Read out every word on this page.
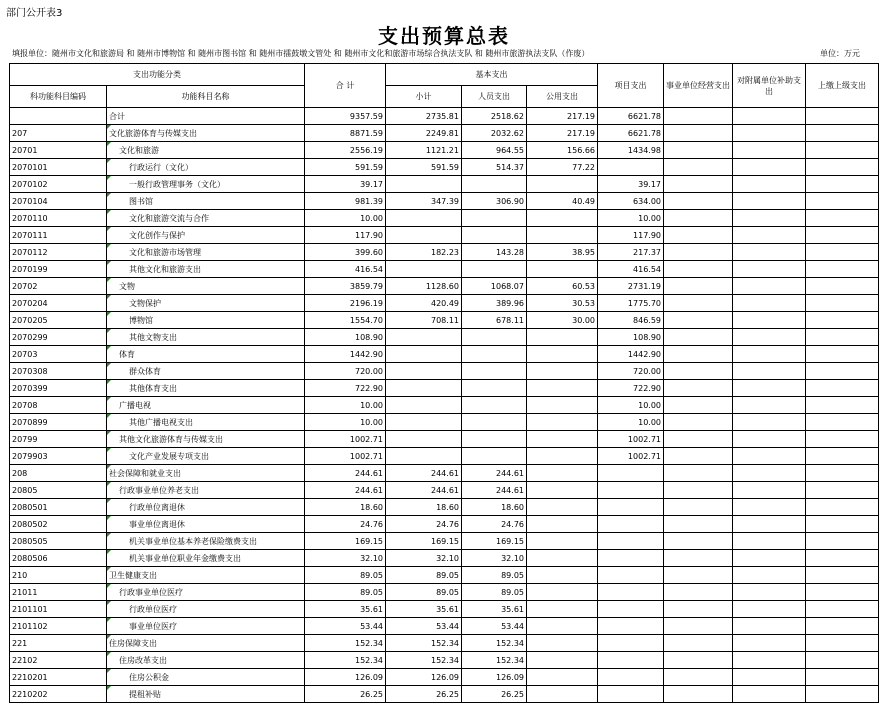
部门公开表3
支出预算总表
填报单位：随州市文化和旅游局 和 随州市博物馆 和 随州市图书馆 和 随州市擂鼓墩文管处 和 随州市文化和旅游市场综合执法支队 和 随州市旅游执法支队（作废）	单位：万元
支出功能分类		合 计	基本支出			项目支出	事业单位经营支出	对附属单位补助支出	上缴上级支出
科功能科目编码	功能科目名称		小计	人员支出	公用支出				
	合计	9357.59	2735.81	2518.62	217.19	6621.78			
207	文化旅游体育与传媒支出	8871.59	2249.81	2032.62	217.19	6621.78			
20701	文化和旅游	2556.19	1121.21	964.55	156.66	1434.98			
2070101	行政运行（文化）	591.59	591.59	514.37	77.22				
2070102	一般行政管理事务（文化）	39.17				39.17			
2070104	图书馆	981.39	347.39	306.90	40.49	634.00			
2070110	文化和旅游交流与合作	10.00				10.00			
2070111	文化创作与保护	117.90				117.90			
2070112	文化和旅游市场管理	399.60	182.23	143.28	38.95	217.37			
2070199	其他文化和旅游支出	416.54				416.54			
20702	文物	3859.79	1128.60	1068.07	60.53	2731.19			
2070204	文物保护	2196.19	420.49	389.96	30.53	1775.70			
2070205	博物馆	1554.70	708.11	678.11	30.00	846.59			
2070299	其他文物支出	108.90				108.90			
20703	体育	1442.90				1442.90			
2070308	群众体育	720.00				720.00			
2070399	其他体育支出	722.90				722.90			
20708	广播电视	10.00				10.00			
2070899	其他广播电视支出	10.00				10.00			
20799	其他文化旅游体育与传媒支出	1002.71				1002.71			
2079903	文化产业发展专项支出	1002.71				1002.71			
208	社会保障和就业支出	244.61	244.61	244.61					
20805	行政事业单位养老支出	244.61	244.61	244.61					
2080501	行政单位离退休	18.60	18.60	18.60					
2080502	事业单位离退休	24.76	24.76	24.76					
2080505	机关事业单位基本养老保险缴费支出	169.15	169.15	169.15					
2080506	机关事业单位职业年金缴费支出	32.10	32.10	32.10					
210	卫生健康支出	89.05	89.05	89.05					
21011	行政事业单位医疗	89.05	89.05	89.05					
2101101	行政单位医疗	35.61	35.61	35.61					
2101102	事业单位医疗	53.44	53.44	53.44					
221	住房保障支出	152.34	152.34	152.34					
22102	住房改革支出	152.34	152.34	152.34					
2210201	住房公积金	126.09	126.09	126.09					
2210202	提租补贴	26.25	26.25	26.25					
